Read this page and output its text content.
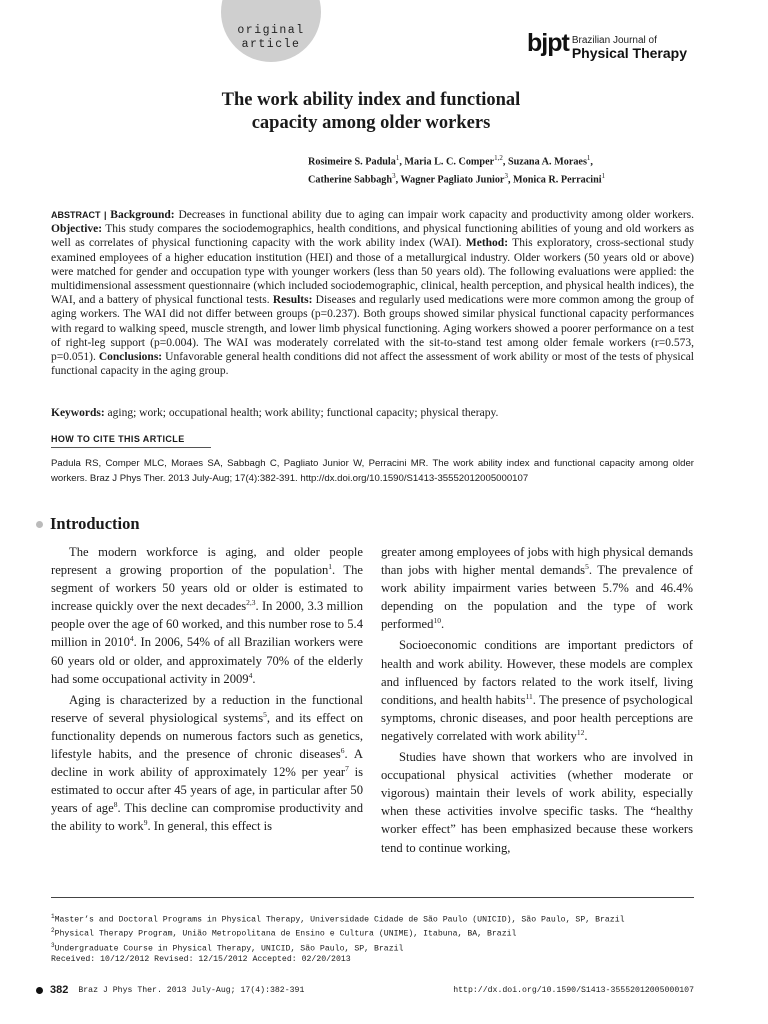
original
article	bjpt Brazilian Journal of
Physical Therapy
The work ability index and functional
capacity among older workers

Rosimeire S. Padula$^1$, Maria L. C. Comper$^{1,2}$, Suzana A. Moraes$^1$,
Catherine Sabbagh$^3$, Wagner Pagliato Junior$^3$, Monica R. Perracini$^1$

ABSTRACT | Background: Decreases in functional ability due to aging can impair work capacity and productivity among older workers. Objective: This study compares the sociodemographics, health conditions, and physical functioning abilities of young and old workers as well as correlates of physical functioning capacity with the work ability index (WAI). Method: This exploratory, cross-sectional study examined employees of a higher education institution (HEI) and those of a metallurgical industry. Older workers (50 years old or above) were matched for gender and occupation type with younger workers (less than 50 years old). The following evaluations were applied: the multidimensional assessment questionnaire (which included sociodemographic, clinical, health perception, and physical health indices), the WAI, and a battery of physical functional tests. Results: Diseases and regularly used medications were more common among the group of aging workers. The WAI did not differ between groups (p=0.237). Both groups showed similar physical functional capacity performances with regard to walking speed, muscle strength, and lower limb physical functioning. Aging workers showed a poorer performance on a test of right-leg support (p=0.004). The WAI was moderately correlated with the sit-to-stand test among older female workers (r=0.573, p=0.051). Conclusions: Unfavorable general health conditions did not affect the assessment of work ability or most of the tests of physical functional capacity in the aging group.

Keywords: aging; work; occupational health; work ability; functional capacity; physical therapy.

HOW TO CITE THIS ARTICLE

Padula RS, Comper MLC, Moraes SA, Sabbagh C, Pagliato Junior W, Perracini MR. The work ability index and functional capacity among older workers. Braz J Phys Ther. 2013 July-Aug; 17(4):382-391. http://dx.doi.org/10.1590/S1413-35552012005000107

Introduction

The modern workforce is aging, and older people represent a growing proportion of the population$^1$. The segment of workers 50 years old or older is estimated to increase quickly over the next decades$^{2,3}$. In 2000, 3.3 million people over the age of 60 worked, and this number rose to 5.4 million in 2010$^4$. In 2006, 54% of all Brazilian workers were 60 years old or older, and approximately 70% of the elderly had some occupational activity in 2009$^4$.

Aging is characterized by a reduction in the functional reserve of several physiological systems$^5$, and its effect on functionality depends on numerous factors such as genetics, lifestyle habits, and the presence of chronic diseases$^6$. A decline in work ability of approximately 12% per year$^7$ is estimated to occur after 45 years of age, in particular after 50 years of age$^8$. This decline can compromise productivity and the ability to work$^9$. In general, this effect is

greater among employees of jobs with high physical demands than jobs with higher mental demands$^5$. The prevalence of work ability impairment varies between 5.7% and 46.4% depending on the population and the type of work performed$^{10}$.

Socioeconomic conditions are important predictors of health and work ability. However, these models are complex and influenced by factors related to the work itself, living conditions, and health habits$^{11}$. The presence of psychological symptoms, chronic diseases, and poor health perceptions are negatively correlated with work ability$^{12}$.

Studies have shown that workers who are involved in occupational physical activities (whether moderate or vigorous) maintain their levels of work ability, especially when these activities involve specific tasks. The “healthy worker effect” has been emphasized because these workers tend to continue working,

$^1$Master’s and Doctoral Programs in Physical Therapy, Universidade Cidade de São Paulo (UNICID), São Paulo, SP, Brazil
$^2$Physical Therapy Program, União Metropolitana de Ensino e Cultura (UNIME), Itabuna, BA, Brazil
$^3$Undergraduate Course in Physical Therapy, UNICID, São Paulo, SP, Brazil
Received: 10/12/2012 Revised: 12/15/2012 Accepted: 02/20/2013
382 Braz J Phys Ther. 2013 July-Aug; 17(4):382-391	http://dx.doi.org/10.1590/S1413-35552012005000107
